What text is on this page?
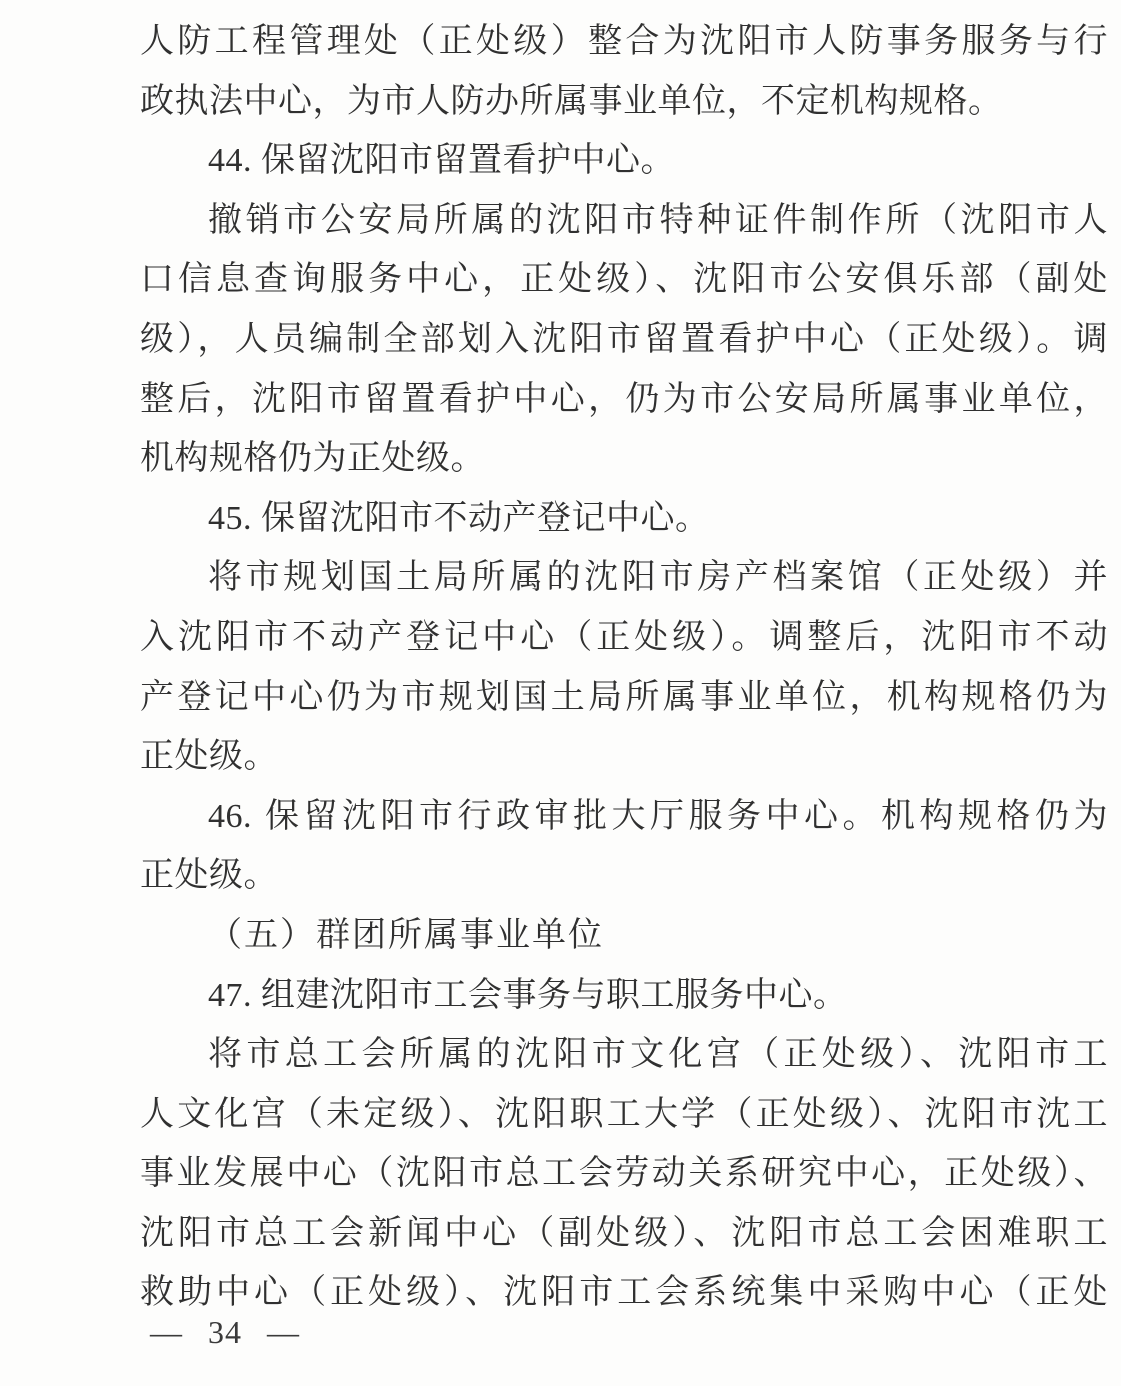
人防工程管理处（正处级）整合为沈阳市人防事务服务与行
政执法中心，为市人防办所属事业单位，不定机构规格。
44. 保留沈阳市留置看护中心。
撤销市公安局所属的沈阳市特种证件制作所（沈阳市人
口信息查询服务中心，正处级）、沈阳市公安俱乐部（副处
级），人员编制全部划入沈阳市留置看护中心（正处级）。调
整后，沈阳市留置看护中心，仍为市公安局所属事业单位，
机构规格仍为正处级。
45. 保留沈阳市不动产登记中心。
将市规划国土局所属的沈阳市房产档案馆（正处级）并
入沈阳市不动产登记中心（正处级）。调整后，沈阳市不动
产登记中心仍为市规划国土局所属事业单位，机构规格仍为
正处级。
46. 保留沈阳市行政审批大厅服务中心。机构规格仍为
正处级。
（五）群团所属事业单位
47. 组建沈阳市工会事务与职工服务中心。
将市总工会所属的沈阳市文化宫（正处级）、沈阳市工
人文化宫（未定级）、沈阳职工大学（正处级）、沈阳市沈工
事业发展中心（沈阳市总工会劳动关系研究中心，正处级）、
沈阳市总工会新闻中心（副处级）、沈阳市总工会困难职工
救助中心（正处级）、沈阳市工会系统集中采购中心（正处
— 34 —
